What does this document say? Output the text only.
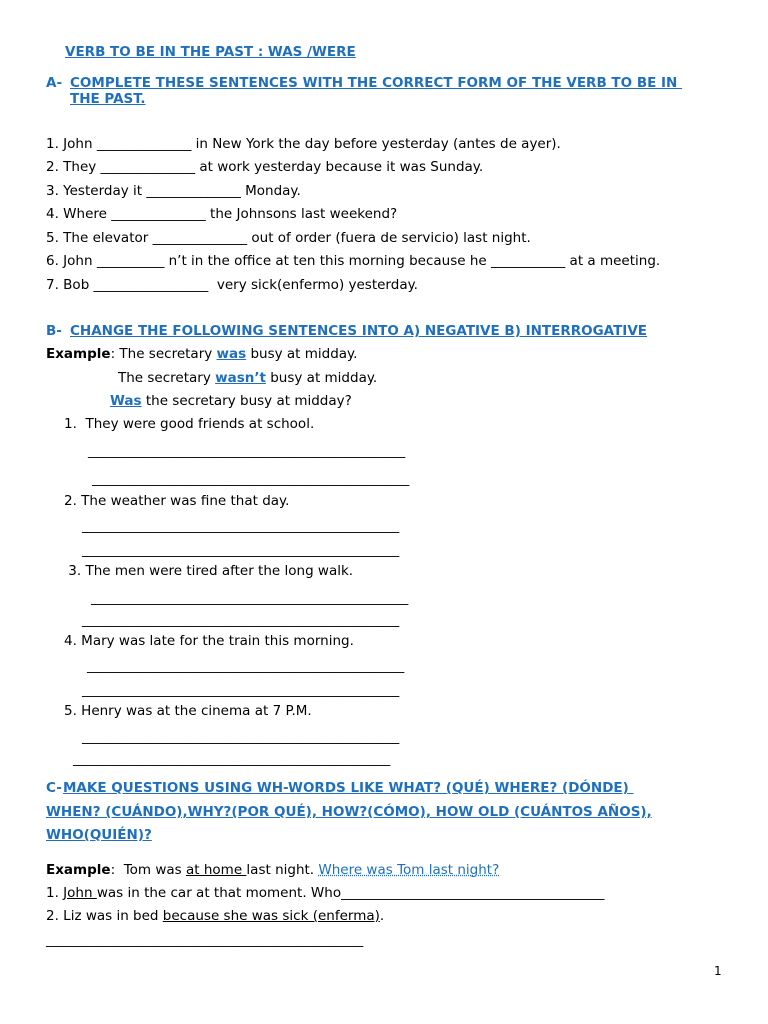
VERB TO BE IN THE PAST : WAS /WERE
A- COMPLETE THESE SENTENCES WITH THE CORRECT FORM OF THE VERB TO BE IN
THE PAST.
1. John ______________ in New York the day before yesterday (antes de ayer).
2. They ______________ at work yesterday because it was Sunday.
3. Yesterday it ______________ Monday.
4. Where ______________ the Johnsons last weekend?
5. The elevator ______________ out of order (fuera de servicio) last night.
6. John __________ n’t in the office at ten this morning because he ___________ at a meeting.
7. Bob _________________  very sick(enfermo) yesterday.
B- CHANGE THE FOLLOWING SENTENCES INTO A) NEGATIVE B) INTERROGATIVE
Example: The secretary was busy at midday.
The secretary wasn’t busy at midday.
Was the secretary busy at midday?
1.  They were good friends at school.
_______________________________________________
_______________________________________________
2. The weather was fine that day.
_______________________________________________
_______________________________________________
3. The men were tired after the long walk.
_______________________________________________
_______________________________________________
4. Mary was late for the train this morning.
_______________________________________________
_______________________________________________
5. Henry was at the cinema at 7 P.M.
_______________________________________________
_______________________________________________
C- MAKE QUESTIONS USING WH-WORDS LIKE WHAT? (QUÉ) WHERE? (DÓNDE)
WHEN? (CUÁNDO),WHY?(POR QUÉ), HOW?(CÓMO), HOW OLD (CUÁNTOS AÑOS),
WHO(QUIÉN)?
Example:  Tom was at home last night. Where was Tom last night?
1. John was in the car at that moment. Who_______________________________________
2. Liz was in bed because she was sick (enferma).
_______________________________________________
1
